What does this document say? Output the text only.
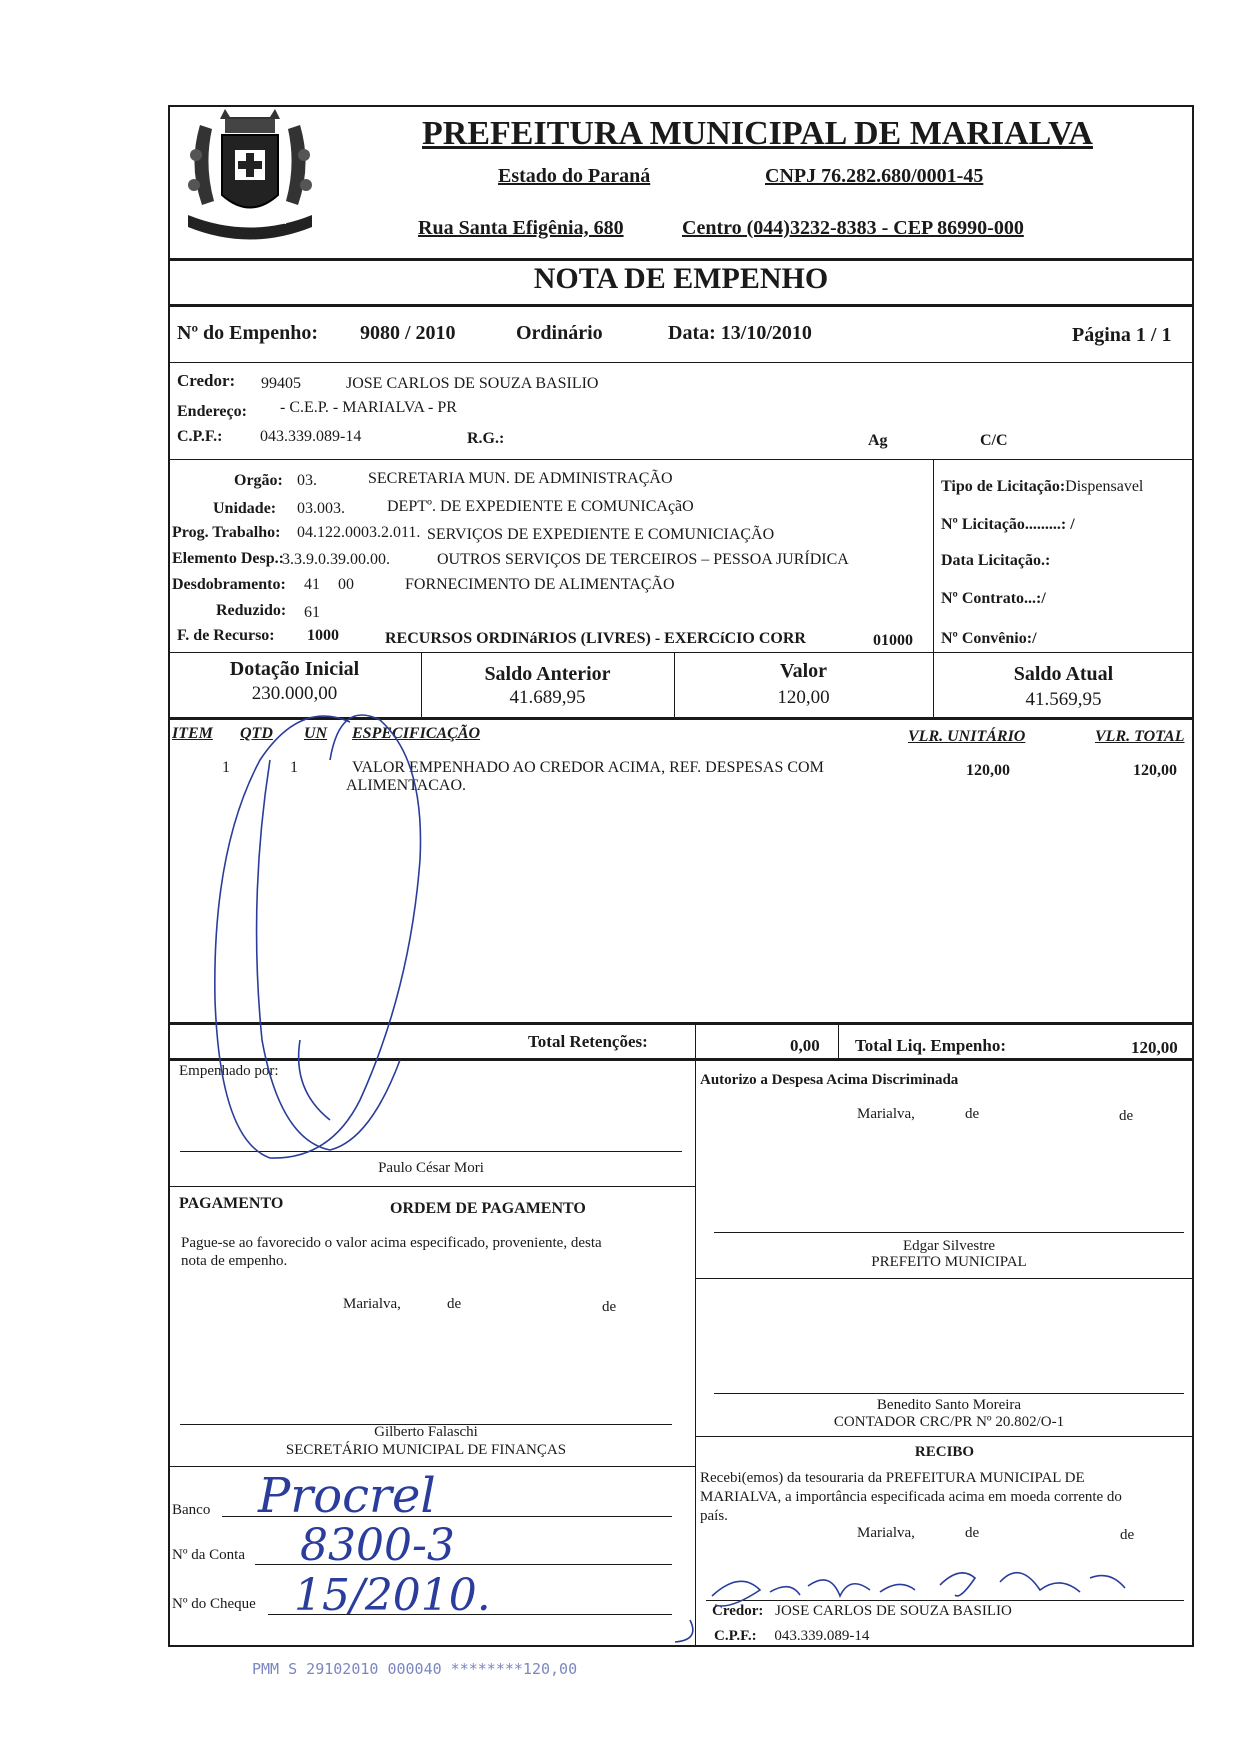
MARIALVA
PREFEITURA MUNICIPAL DE MARIALVA
Estado do Paraná	CNPJ 76.282.680/0001-45
Rua Santa Efigênia, 680	Centro (044)3232-8383 - CEP 86990-000
NOTA DE EMPENHO
Nº do Empenho: 9080 / 2010	Ordinário	Data: 13/10/2010	Página 1 / 1
Credor: 99405	JOSE CARLOS DE SOUZA BASILIO
Endereço: - C.E.P. - MARIALVA - PR
C.P.F.: 043.339.089-14	R.G.:	Ag	C/C
Orgão: 03.	SECRETARIA MUN. DE ADMINISTRAÇÃO
Unidade: 03.003.	DEPTº. DE EXPEDIENTE E COMUNICAçãO
Prog. Trabalho: 04.122.0003.2.011. SERVIÇOS DE EXPEDIENTE E COMUNICIAÇÃO
Elemento Desp.:
3.3.9.0.39.00.00.	OUTROS SERVIÇOS DE TERCEIROS – PESSOA JURÍDICA
Desdobramento: 41 00	FORNECIMENTO DE ALIMENTAÇÃO
Reduzido: 61
F. de Recurso: 1000	RECURSOS ORDINáRIOS (LIVRES) - EXERCíCIO CORR	01000
Tipo de Licitação:Dispensavel
Nº Licitação.........: /
Data Licitação.:
Nº Contrato...:/
Nº Convênio:/
Dotação Inicial
230.000,00
Saldo Anterior
41.689,95
Valor
120,00
Saldo Atual
41.569,95
ITEM QTD UN ESPECIFICAÇÃO	VLR. UNITÁRIO	VLR. TOTAL
1	1	VALOR EMPENHADO AO CREDOR ACIMA, REF. DESPESAS COM
ALIMENTACAO.
120,00	120,00
Total Retenções:	0,00 Total Liq. Empenho:	120,00
Empenhado por:
Paulo César Mori
Autorizo a Despesa Acima Discriminada
Marialva,	de	de
Edgar Silvestre
PREFEITO MUNICIPAL
Benedito Santo Moreira
CONTADOR CRC/PR Nº 20.802/O-1
PAGAMENTO	ORDEM DE PAGAMENTO
Pague-se ao favorecido o valor acima especificado, proveniente, desta
nota de empenho.
Marialva,	de	de
Gilberto Falaschi
SECRETÁRIO MUNICIPAL DE FINANÇAS
Banco Procrel
Nº da Conta 8300-3
Nº do Cheque 15/2010.
RECIBO
Recebi(emos) da tesouraria da PREFEITURA MUNICIPAL DE
MARIALVA, a importância especificada acima em moeda corrente do
país.
Marialva,	de	de
Credor: JOSE CARLOS DE SOUZA BASILIO
C.P.F.: 043.339.089-14
PMM S 29102010 000040 ********120,00
